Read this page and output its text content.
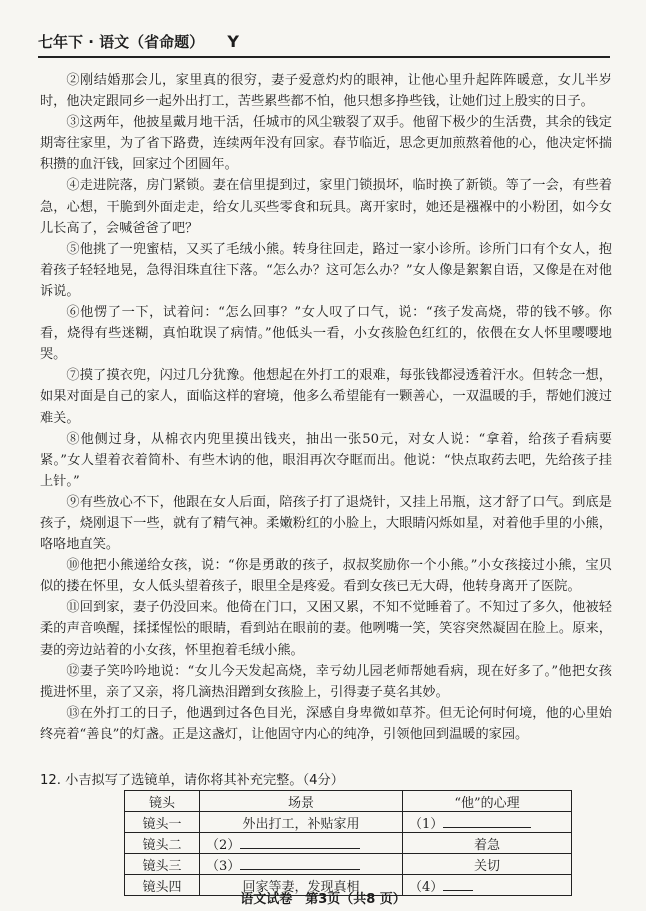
七年下 · 语文（省命题） Y

②刚结婚那会儿，家里真的很穷，妻子爱意灼灼的眼神，让他心里升起阵阵暖意，女儿半岁时，他决定跟同乡一起外出打工，苦些累些都不怕，他只想多挣些钱，让她们过上殷实的日子。

③这两年，他披星戴月地干活，任城市的风尘皲裂了双手。他留下极少的生活费，其余的钱定期寄往家里，为了省下路费，连续两年没有回家。春节临近，思念更加煎熬着他的心，他决定怀揣积攒的血汗钱，回家过个团圆年。

④走进院落，房门紧锁。妻在信里提到过，家里门锁损坏，临时换了新锁。等了一会，有些着急，心想，干脆到外面走走，给女儿买些零食和玩具。离开家时，她还是襁褓中的小粉团，如今女儿长高了，会喊爸爸了吧？

⑤他挑了一兜蜜桔，又买了毛绒小熊。转身往回走，路过一家小诊所。诊所门口有个女人，抱着孩子轻轻地晃，急得泪珠直往下落。“怎么办？这可怎么办？”女人像是絮絮自语，又像是在对他诉说。

⑥他愣了一下，试着问：“怎么回事？”女人叹了口气，说：“孩子发高烧，带的钱不够。你看，烧得有些迷糊，真怕耽误了病情。”他低头一看，小女孩脸色红红的，依偎在女人怀里嘤嘤地哭。

⑦摸了摸衣兜，闪过几分犹豫。他想起在外打工的艰难，每张钱都浸透着汗水。但转念一想，如果对面是自己的家人，面临这样的窘境，他多么希望能有一颗善心，一双温暖的手，帮她们渡过难关。

⑧他侧过身，从棉衣内兜里摸出钱夹，抽出一张50元，对女人说：“拿着，给孩子看病要紧。”女人望着衣着简朴、有些木讷的他，眼泪再次夺眶而出。他说：“快点取药去吧，先给孩子挂上针。”

⑨有些放心不下，他跟在女人后面，陪孩子打了退烧针，又挂上吊瓶，这才舒了口气。到底是孩子，烧刚退下一些，就有了精气神。柔嫩粉红的小脸上，大眼睛闪烁如星，对着他手里的小熊，咯咯地直笑。

⑩他把小熊递给女孩，说：“你是勇敢的孩子，叔叔奖励你一个小熊。”小女孩接过小熊，宝贝似的搂在怀里，女人低头望着孩子，眼里全是疼爱。看到女孩已无大碍，他转身离开了医院。

⑪回到家，妻子仍没回来。他倚在门口，又困又累，不知不觉睡着了。不知过了多久，他被轻柔的声音唤醒，揉揉惺忪的眼睛，看到站在眼前的妻。他咧嘴一笑，笑容突然凝固在脸上。原来，妻的旁边站着的小女孩，怀里抱着毛绒小熊。

⑫妻子笑吟吟地说：“女儿今天发起高烧，幸亏幼儿园老师帮她看病，现在好多了。”他把女孩揽进怀里，亲了又亲，将几滴热泪蹭到女孩脸上，引得妻子莫名其妙。

⑬在外打工的日子，他遇到过各色目光，深感自身卑微如草芥。但无论何时何境，他的心里始终亮着“善良”的灯盏。正是这盏灯，让他固守内心的纯净，引领他回到温暖的家园。

12. 小吉拟写了选镜单，请你将其补充完整。（4分）
镜头	场景	“他”的心理
镜头一	外出打工，补贴家用	（1）
镜头二	（2）	着急
镜头三	（3）	关切
镜头四	回家等妻，发现真相	（4）
语文试卷　第3页（共8 页）
